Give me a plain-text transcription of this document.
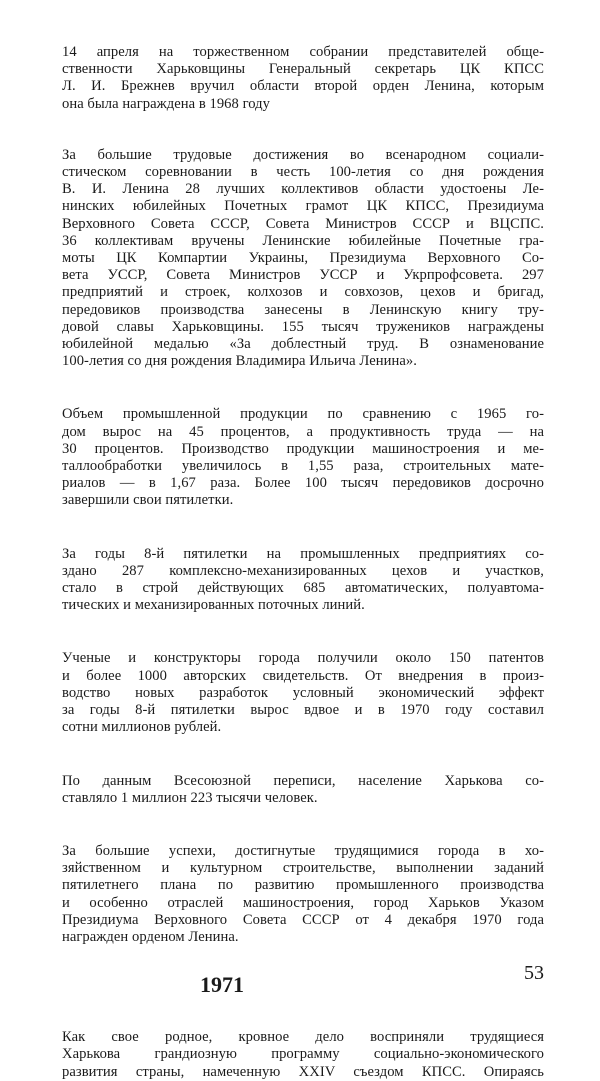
14 апреля на торжественном собрании представителей обще-
ственности Харьковщины Генеральный секретарь ЦК КПСС
Л. И. Брежнев вручил области второй орден Ленина, которым
она была награждена в 1968 году
За большие трудовые достижения во всенародном социали-
стическом соревновании в честь 100-летия со дня рождения
В. И. Ленина 28 лучших коллективов области удостоены Ле-
нинских юбилейных Почетных грамот ЦК КПСС, Президиума
Верховного Совета СССР, Совета Министров СССР и ВЦСПС.
36 коллективам вручены Ленинские юбилейные Почетные гра-
моты ЦК Компартии Украины, Президиума Верховного Со-
вета УССР, Совета Министров УССР и Укрпрофсовета. 297
предприятий и строек, колхозов и совхозов, цехов и бригад,
передовиков производства занесены в Ленинскую книгу тру-
довой славы Харьковщины. 155 тысяч тружеников награждены
юбилейной медалью «За доблестный труд. В ознаменование
100-летия со дня рождения Владимира Ильича Ленина».
Объем промышленной продукции по сравнению с 1965 го-
дом вырос на 45 процентов, а продуктивность труда — на
30 процентов. Производство продукции машиностроения и ме-
таллообработки увеличилось в 1,55 раза, строительных мате-
риалов — в 1,67 раза. Более 100 тысяч передовиков досрочно
завершили свои пятилетки.
За годы 8-й пятилетки на промышленных предприятиях со-
здано 287 комплексно-механизированных цехов и участков,
стало в строй действующих 685 автоматических, полуавтома-
тических и механизированных поточных линий.
Ученые и конструкторы города получили около 150 патентов
и более 1000 авторских свидетельств. От внедрения в произ-
водство новых разработок условный экономический эффект
за годы 8-й пятилетки вырос вдвое и в 1970 году составил
сотни миллионов рублей.
По данным Всесоюзной переписи, население Харькова со-
ставляло 1 миллион 223 тысячи человек.
За большие успехи, достигнутые трудящимися города в хо-
зяйственном и культурном строительстве, выполнении заданий
пятилетнего плана по развитию промышленного производства
и особенно отраслей машиностроения, город Харьков Указом
Президиума Верховного Совета СССР от 4 декабря 1970 года
награжден орденом Ленина.
1971
Как свое родное, кровное дело восприняли трудящиеся
Харькова грандиозную программу социально-экономического
развития страны, намеченную XXIV съездом КПСС. Опираясь
53
